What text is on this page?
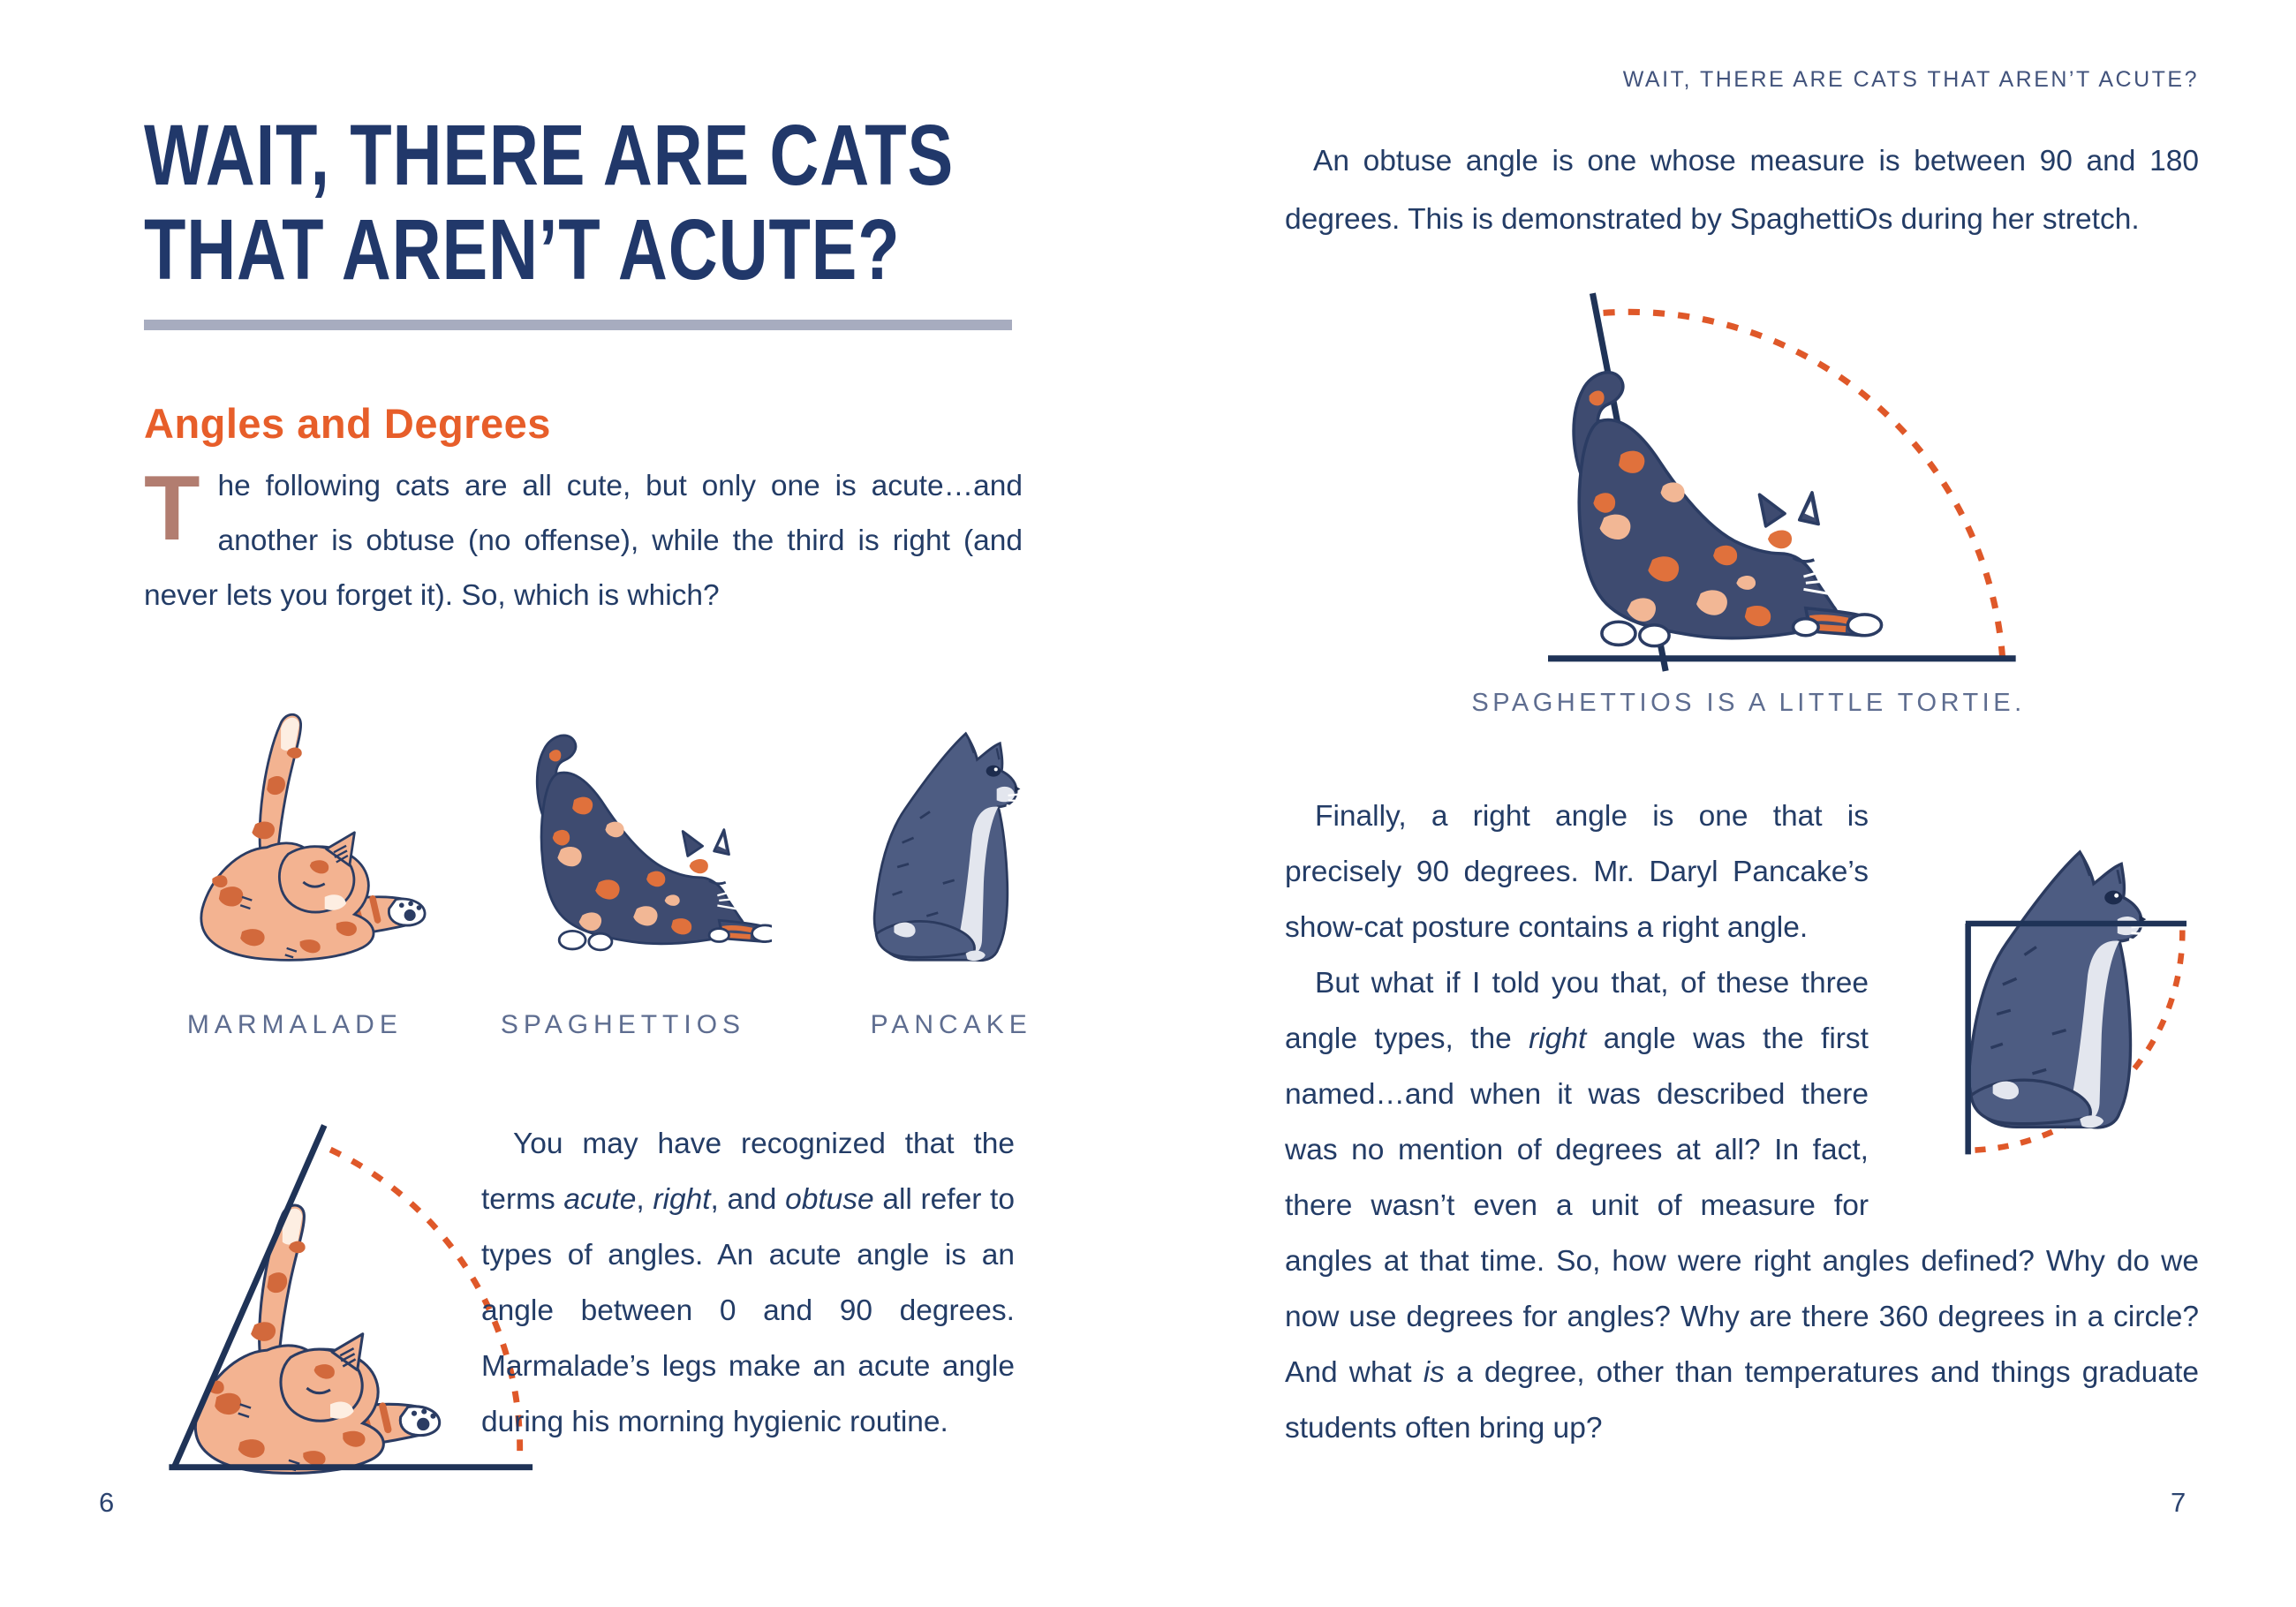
WAIT, THERE ARE CATS
THAT AREN’T ACUTE?
Angles and Degrees

T he following cats are all cute, but only one is acute…and another is obtuse (no offense), while the third is right (and never lets you forget it). So, which is which?

MARMALADE	SPAGHETTIOS	PANCAKE

You may have recognized that the terms acute, right, and obtuse all refer to types of angles. An acute angle is an angle between 0 and 90 degrees. Marmalade’s legs make an acute angle during his morning hygienic routine.

6
WAIT, THERE ARE CATS THAT AREN’T ACUTE?

An obtuse angle is one whose measure is between 90 and 180 degrees. This is demonstrated by SpaghettiOs during her stretch.

SPAGHETTIOS IS A LITTLE TORTIE.

Finally, a right angle is one that is precisely 90 degrees. Mr. Daryl Pancake’s show-cat posture contains a right angle.

But what if I told you that, of these three angle types, the right angle was the first named…and when it was described there was no mention of degrees at all? In fact, there wasn’t even a unit of measure for angles at that time. So, how were right angles defined? Why do we now use degrees for angles? Why are there 360 degrees in a circle? And what is a degree, other than temperatures and things graduate students often bring up?

7
